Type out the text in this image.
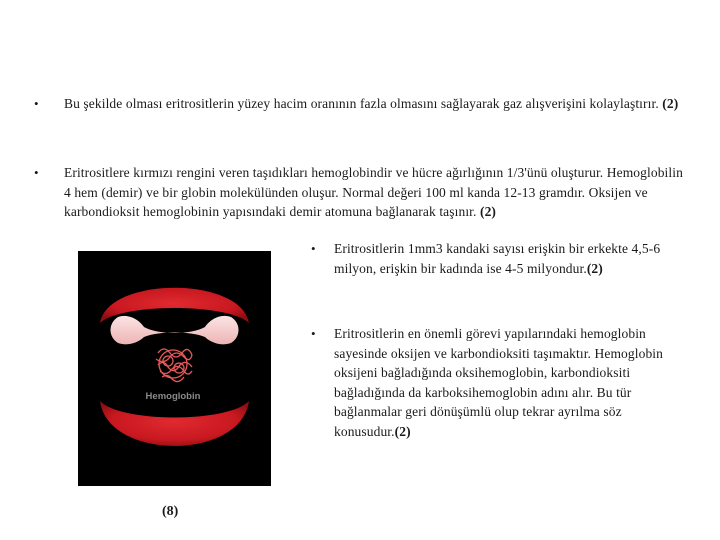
• Bu şekilde olması eritrositlerin yüzey hacim oranının fazla olmasını sağlayarak gaz alışverişini kolaylaştırır. (2)
• Eritrositlere kırmızı rengini veren taşıdıkları hemoglobindir ve hücre ağırlığının 1/3'ünü oluşturur. Hemoglobilin 4 hem (demir) ve bir globin molekülünden oluşur. Normal değeri 100 ml kanda 12-13 gramdır. Oksijen ve karbondioksit hemoglobinin yapısındaki demir atomuna bağlanarak taşınır. (2)
• Eritrositlerin 1mm3 kandaki sayısı erişkin bir erkekte 4,5-6 milyon, erişkin bir kadında ise 4-5 milyondur.(2)
• Eritrositlerin en önemli görevi yapılarındaki hemoglobin sayesinde oksijen ve karbondioksiti taşımaktır. Hemoglobin oksijeni bağladığında oksihemoglobin, karbondioksiti bağladığında da karboksihemoglobin adını alır. Bu tür bağlanmalar geri dönüşümlü olup tekrar ayrılma söz konusudur.(2)
Hemoglobin
(8)
